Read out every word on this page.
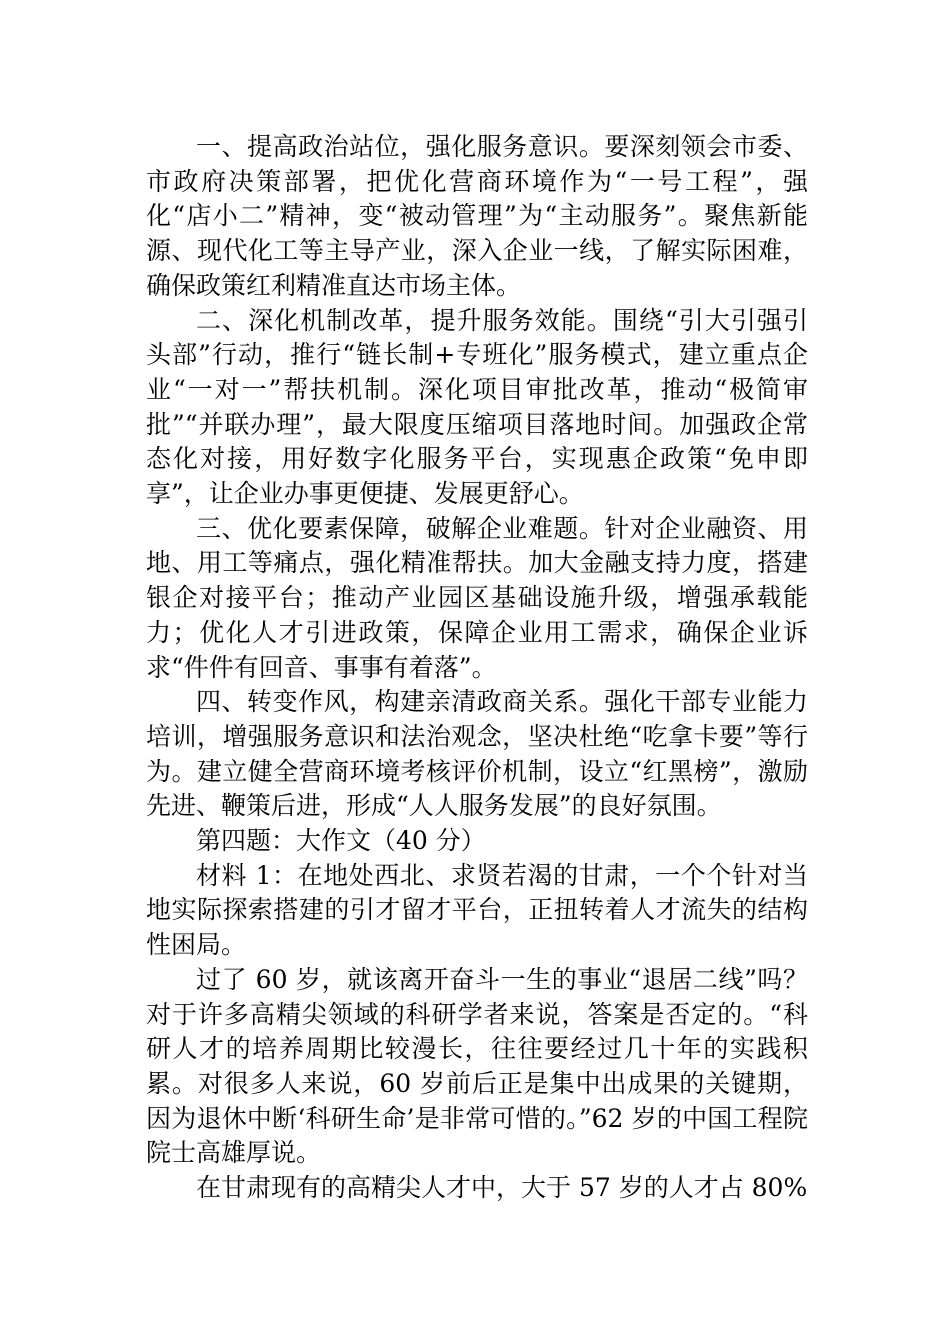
一、提高政治站位，强化服务意识。要深刻领会市委、市政府决策部署，把优化营商环境作为“一号工程”，强化“店小二”精神，变“被动管理”为“主动服务”。聚焦新能源、现代化工等主导产业，深入企业一线，了解实际困难，确保政策红利精准直达市场主体。

二、深化机制改革，提升服务效能。围绕“引大引强引头部”行动，推行“链长制+专班化”服务模式，建立重点企业“一对一”帮扶机制。深化项目审批改革，推动“极简审批”“并联办理”，最大限度压缩项目落地时间。加强政企常态化对接，用好数字化服务平台，实现惠企政策“免申即享”，让企业办事更便捷、发展更舒心。

三、优化要素保障，破解企业难题。针对企业融资、用地、用工等痛点，强化精准帮扶。加大金融支持力度，搭建银企对接平台；推动产业园区基础设施升级，增强承载能力；优化人才引进政策，保障企业用工需求，确保企业诉求“件件有回音、事事有着落”。

四、转变作风，构建亲清政商关系。强化干部专业能力培训，增强服务意识和法治观念，坚决杜绝“吃拿卡要”等行为。建立健全营商环境考核评价机制，设立“红黑榜”，激励先进、鞭策后进，形成“人人服务发展”的良好氛围。

第四题：大作文（40 分）

材料 1：在地处西北、求贤若渴的甘肃，一个个针对当地实际探索搭建的引才留才平台，正扭转着人才流失的结构性困局。

过了 60 岁，就该离开奋斗一生的事业“退居二线”吗？对于许多高精尖领域的科研学者来说，答案是否定的。“科研人才的培养周期比较漫长，往往要经过几十年的实践积累。对很多人来说，60 岁前后正是集中出成果的关键期，因为退休中断‘科研生命’是非常可惜的。”62 岁的中国工程院院士高雄厚说。

在甘肃现有的高精尖人才中，大于 57 岁的人才占 80%
